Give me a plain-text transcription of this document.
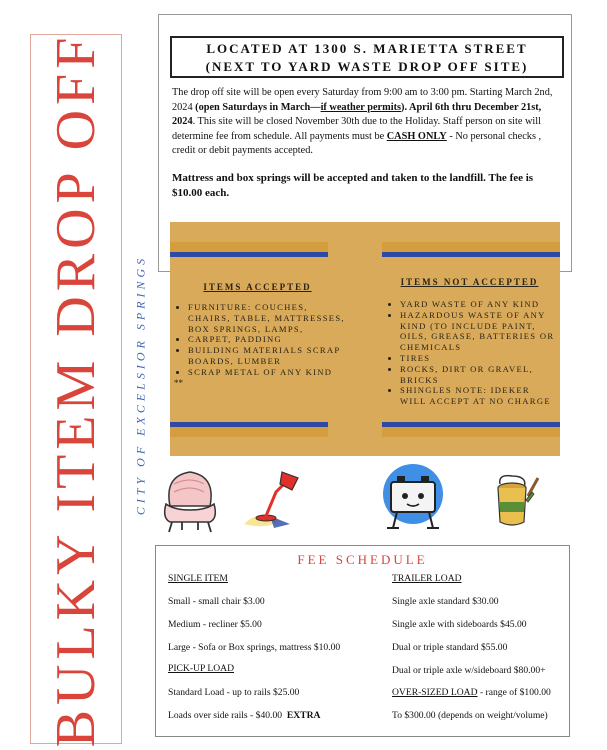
BULKY ITEM DROP OFF CITY OF EXCELSIOR SPRINGS
LOCATED AT 1300 S. MARIETTA STREET
(NEXT TO YARD WASTE DROP OFF SITE)
The drop off site will be open every Saturday from 9:00 am to 3:00 pm. Starting March 2nd, 2024 (open Saturdays in March—if weather permits). April 6th thru December 21st, 2024. This site will be closed November 30th due to the Holiday. Staff person on site will determine fee from schedule. All payments must be CASH ONLY - No personal checks , credit or debit payments accepted.
Mattress and box springs will be accepted and taken to the landfill. The fee is $10.00 each.
ITEMS ACCEPTED
• FURNITURE: COUCHES, CHAIRS, TABLE, MATTRESSES, BOX SPRINGS, LAMPS,
• CARPET, PADDING
• BUILDING MATERIALS SCRAP BOARDS, LUMBER
• SCRAP METAL OF ANY KIND
**
ITEMS NOT ACCEPTED
• YARD WASTE OF ANY KIND
• HAZARDOUS WASTE OF ANY KIND (TO INCLUDE PAINT, OILS, GREASE, BATTERIES OR CHEMICALS
• TIRES
• ROCKS, DIRT OR GRAVEL, BRICKS
• SHINGLES NOTE: IDEKER WILL ACCEPT AT NO CHARGE
FEE SCHEDULE
SINGLE ITEM
Small - small chair $3.00
Medium - recliner $5.00
Large - Sofa or Box springs, mattress $10.00
PICK-UP LOAD
Standard Load - up to rails $25.00
Loads over side rails - $40.00 EXTRA
TRAILER LOAD
Single axle standard $30.00
Single axle with sideboards $45.00
Dual or triple standard $55.00
Dual or triple axle w/sideboard $80.00+
OVER-SIZED LOAD - range of $100.00
To $300.00 (depends on weight/volume)
